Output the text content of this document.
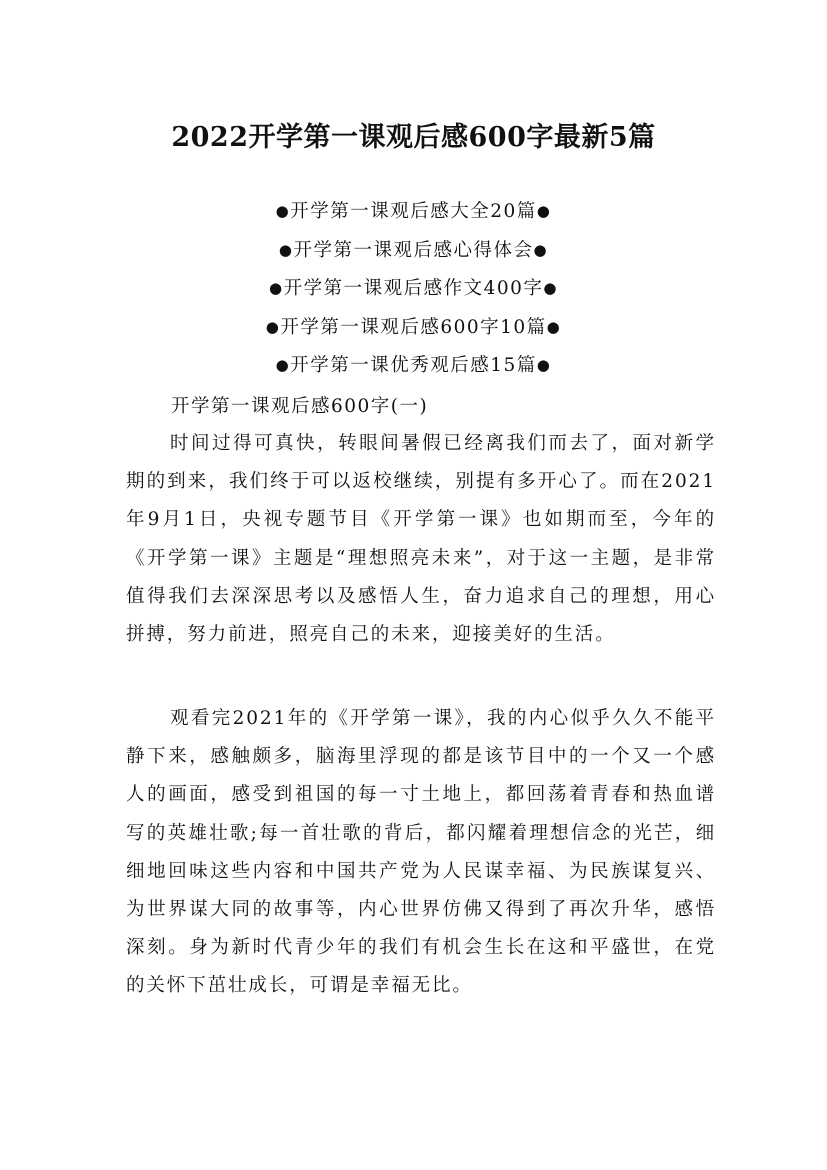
2022开学第一课观后感600字最新5篇
●开学第一课观后感大全20篇●
●开学第一课观后感心得体会●
●开学第一课观后感作文400字●
●开学第一课观后感600字10篇●
●开学第一课优秀观后感15篇●
开学第一课观后感600字(一)

时间过得可真快，转眼间暑假已经离我们而去了，面对新学期的到来，我们终于可以返校继续，别提有多开心了。而在2021年9月1日，央视专题节目《开学第一课》也如期而至，今年的《开学第一课》主题是“理想照亮未来”，对于这一主题，是非常值得我们去深深思考以及感悟人生，奋力追求自己的理想，用心拼搏，努力前进，照亮自己的未来，迎接美好的生活。

观看完2021年的《开学第一课》，我的内心似乎久久不能平静下来，感触颇多，脑海里浮现的都是该节目中的一个又一个感人的画面，感受到祖国的每一寸土地上，都回荡着青春和热血谱写的英雄壮歌;每一首壮歌的背后，都闪耀着理想信念的光芒，细细地回味这些内容和中国共产党为人民谋幸福、为民族谋复兴、为世界谋大同的故事等，内心世界仿佛又得到了再次升华，感悟深刻。身为新时代青少年的我们有机会生长在这和平盛世，在党的关怀下茁壮成长，可谓是幸福无比。
